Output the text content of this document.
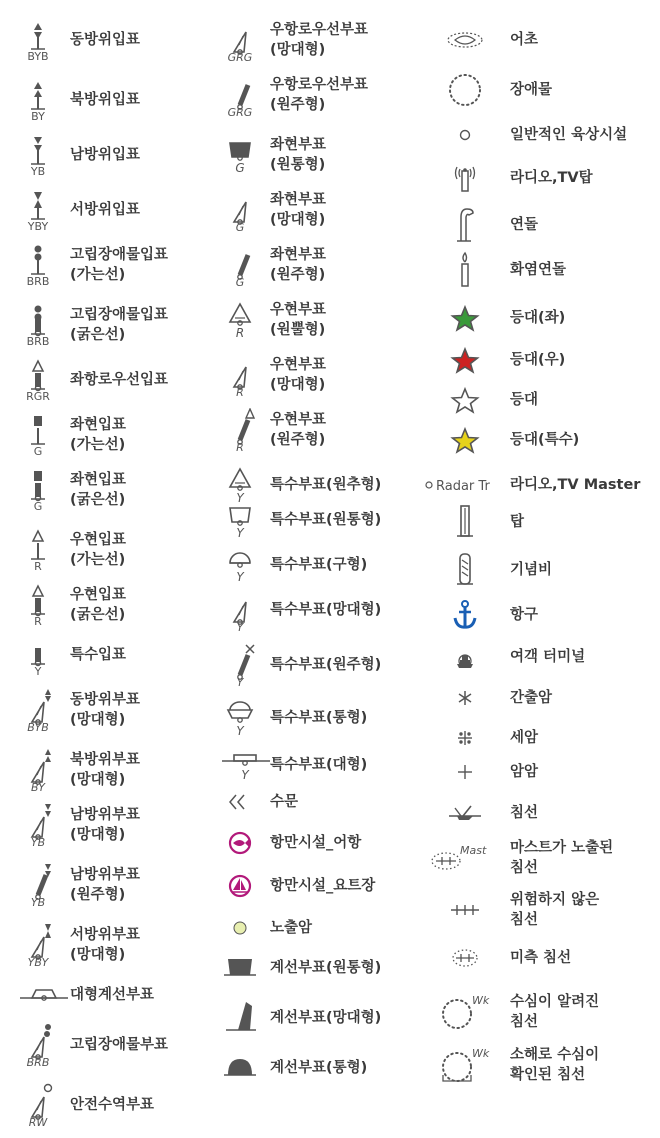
BYB
동방위입표
BY
북방위입표
YB
남방위입표
YBY
서방위입표
BRB
고립장애물입표
(가는선)
BRB
고립장애물입표
(굵은선)
RGR
좌항로우선입표
G
좌현입표
(가는선)
G
좌현입표
(굵은선)
R
우현입표
(가는선)
R
우현입표
(굵은선)
Y
특수입표
BYB
동방위부표
(망대형)
BY
북방위부표
(망대형)
YB
남방위부표
(망대형)
YB
남방위부표
(원주형)
YBY
서방위부표
(망대형)
대형계선부표
BRB
고립장애물부표
RW
안전수역부표
GRG
우항로우선부표
(망대형)
GRG
우항로우선부표
(원주형)
G
좌현부표
(원통형)
G
좌현부표
(망대형)
G
좌현부표
(원주형)
R
우현부표
(원뿔형)
R
우현부표
(망대형)
R
우현부표
(원주형)
Y
특수부표(원추형)
Y
특수부표(원통형)
Y
특수부표(구형)
Y
특수부표(망대형)
Y
특수부표(원주형)
Y
특수부표(통형)
Y
특수부표(대형)
수문
항만시설_어항
항만시설_요트장
노출암
계선부표(원통형)
계선부표(망대형)
계선부표(통형)
어초
장애물
일반적인 육상시설
라디오,TV탑
연돌
화염연돌
등대(좌)
등대(우)
등대
등대(특수)
Radar Tr 라디오,TV Master
탑
기념비
항구
여객 터미널
간출암
세암
암암
침선
Mast 마스트가 노출된
침선
위험하지 않은
침선
미측 침선
Wk 수심이 알려진
침선
Wk 소해로 수심이
확인된 침선
